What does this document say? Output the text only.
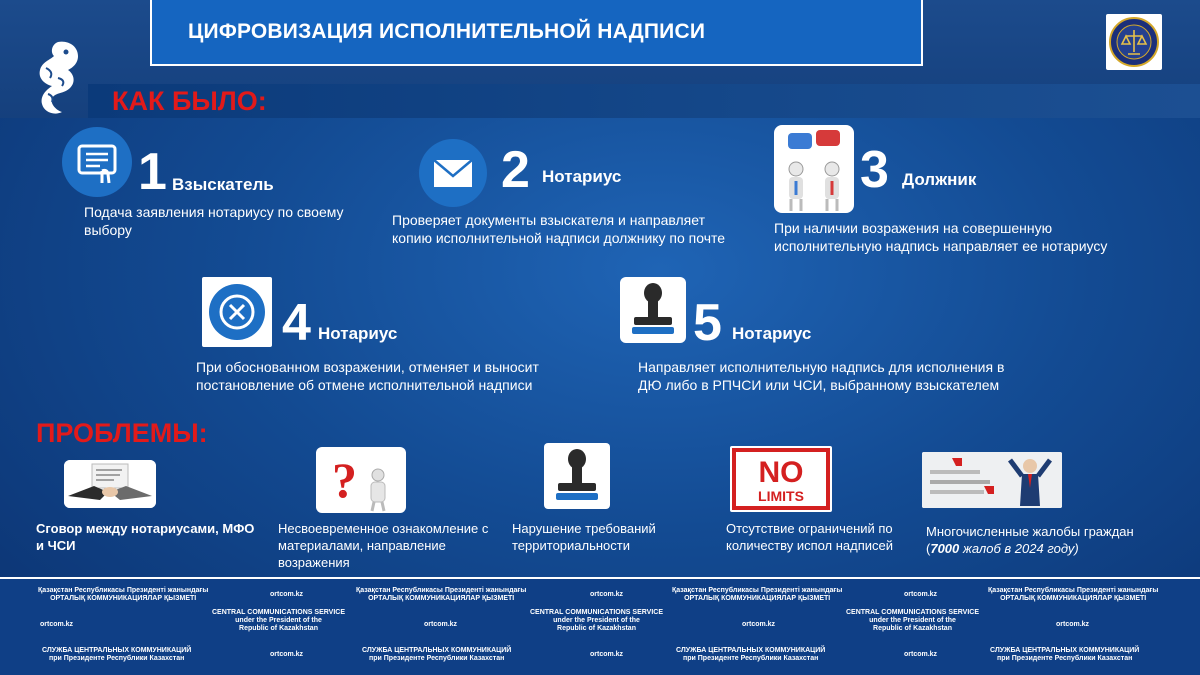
ЦИФРОВИЗАЦИЯ ИСПОЛНИТЕЛЬНОЙ НАДПИСИ
КАК БЫЛО:
1 Взыскатель
Подача заявления нотариусу по своему
выбору
2 Нотариус
Проверяет документы взыскателя и направляет
копию исполнительной надписи должнику по почте
3 Должник
При наличии возражения на совершенную
исполнительную надпись направляет ее нотариусу
4 Нотариус
При обоснованном возражении, отменяет и выносит
постановление об отмене исполнительной надписи
5 Нотариус
Направляет исполнительную надпись для исполнения в
ДЮ либо в РПЧСИ или ЧСИ, выбранному взыскателем
ПРОБЛЕМЫ:
Сговор между нотариусами, МФО
и ЧСИ
?
Несвоевременное ознакомление с
материалами, направление
возражения
Нарушение требований
территориальности
NO
LIMITS
Отсутствие ограничений по
количеству испол надписей
Многочисленные жалобы граждан
(7000 жалоб в 2024 году)
Қазақстан Республикасы Президенті жанындағы
ОРТАЛЫҚ КОММУНИКАЦИЯЛАР ҚЫЗМЕТІ
ortcom.kz
Қазақстан Республикасы Президенті жанындағы
ОРТАЛЫҚ КОММУНИКАЦИЯЛАР ҚЫЗМЕТІ
ortcom.kz
Қазақстан Республикасы Президенті жанындағы
ОРТАЛЫҚ КОММУНИКАЦИЯЛАР ҚЫЗМЕТІ
ortcom.kz
Қазақстан Республикасы Президенті жанындағы
ОРТАЛЫҚ КОММУНИКАЦИЯЛАР ҚЫЗМЕТІ
ortcom.kz
CENTRAL COMMUNICATIONS SERVICE
under the President of the
Republic of Kazakhstan
ortcom.kz
CENTRAL COMMUNICATIONS SERVICE
under the President of the
Republic of Kazakhstan
ortcom.kz
CENTRAL COMMUNICATIONS SERVICE
under the President of the
Republic of Kazakhstan
ortcom.kz
СЛУЖБА ЦЕНТРАЛЬНЫХ КОММУНИКАЦИЙ
при Президенте Республики Казахстан
ortcom.kz
СЛУЖБА ЦЕНТРАЛЬНЫХ КОММУНИКАЦИЙ
при Президенте Республики Казахстан
ortcom.kz
СЛУЖБА ЦЕНТРАЛЬНЫХ КОММУНИКАЦИЙ
при Президенте Республики Казахстан
ortcom.kz
СЛУЖБА ЦЕНТРАЛЬНЫХ КОММУНИКАЦИЙ
при Президенте Республики Казахстан
